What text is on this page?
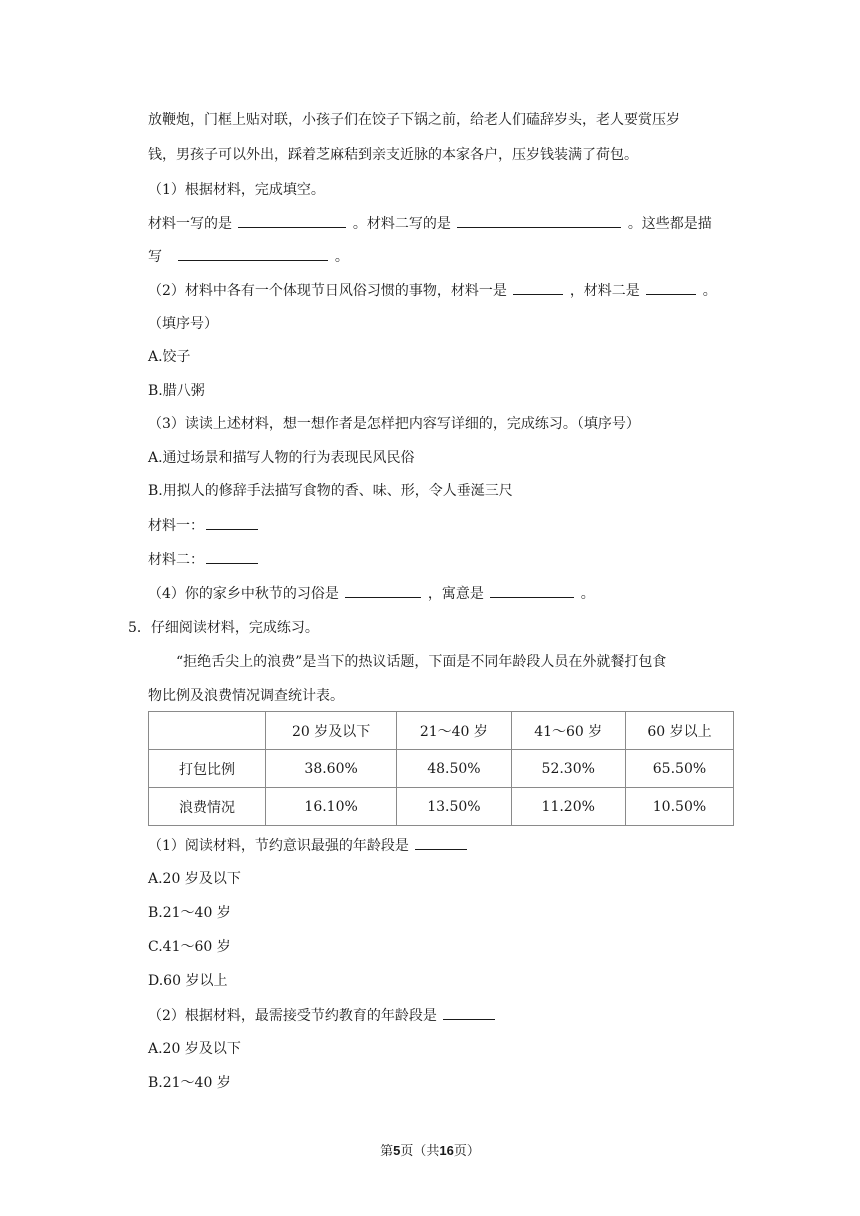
放鞭炮，门框上贴对联，小孩子们在饺子下锅之前，给老人们磕辞岁头，老人要赏压岁
钱，男孩子可以外出，踩着芝麻秸到亲支近脉的本家各户，压岁钱装满了荷包。
（1）根据材料，完成填空。
材料一写的是	。材料二写的是	。这些都是描
写	。
（2）材料中各有一个体现节日风俗习惯的事物，材料一是	，材料二是	。
（填序号）
A.饺子
B.腊八粥
（3）读读上述材料，想一想作者是怎样把内容写详细的，完成练习。（填序号）
A.通过场景和描写人物的行为表现民风民俗
B.用拟人的修辞手法描写食物的香、味、形，令人垂涎三尺
材料一：
材料二：
（4）你的家乡中秋节的习俗是	，寓意是	。
5．仔细阅读材料，完成练习。
“拒绝舌尖上的浪费”是当下的热议话题，下面是不同年龄段人员在外就餐打包食
物比例及浪费情况调查统计表。
	20 岁及以下	21～40 岁	41～60 岁	60 岁以上
打包比例	38.60%	48.50%	52.30%	65.50%
浪费情况	16.10%	13.50%	11.20%	10.50%
（1）阅读材料，节约意识最强的年龄段是
A.20 岁及以下
B.21～40 岁
C.41～60 岁
D.60 岁以上
（2）根据材料，最需接受节约教育的年龄段是
A.20 岁及以下
B.21～40 岁
第5页（共16页）
